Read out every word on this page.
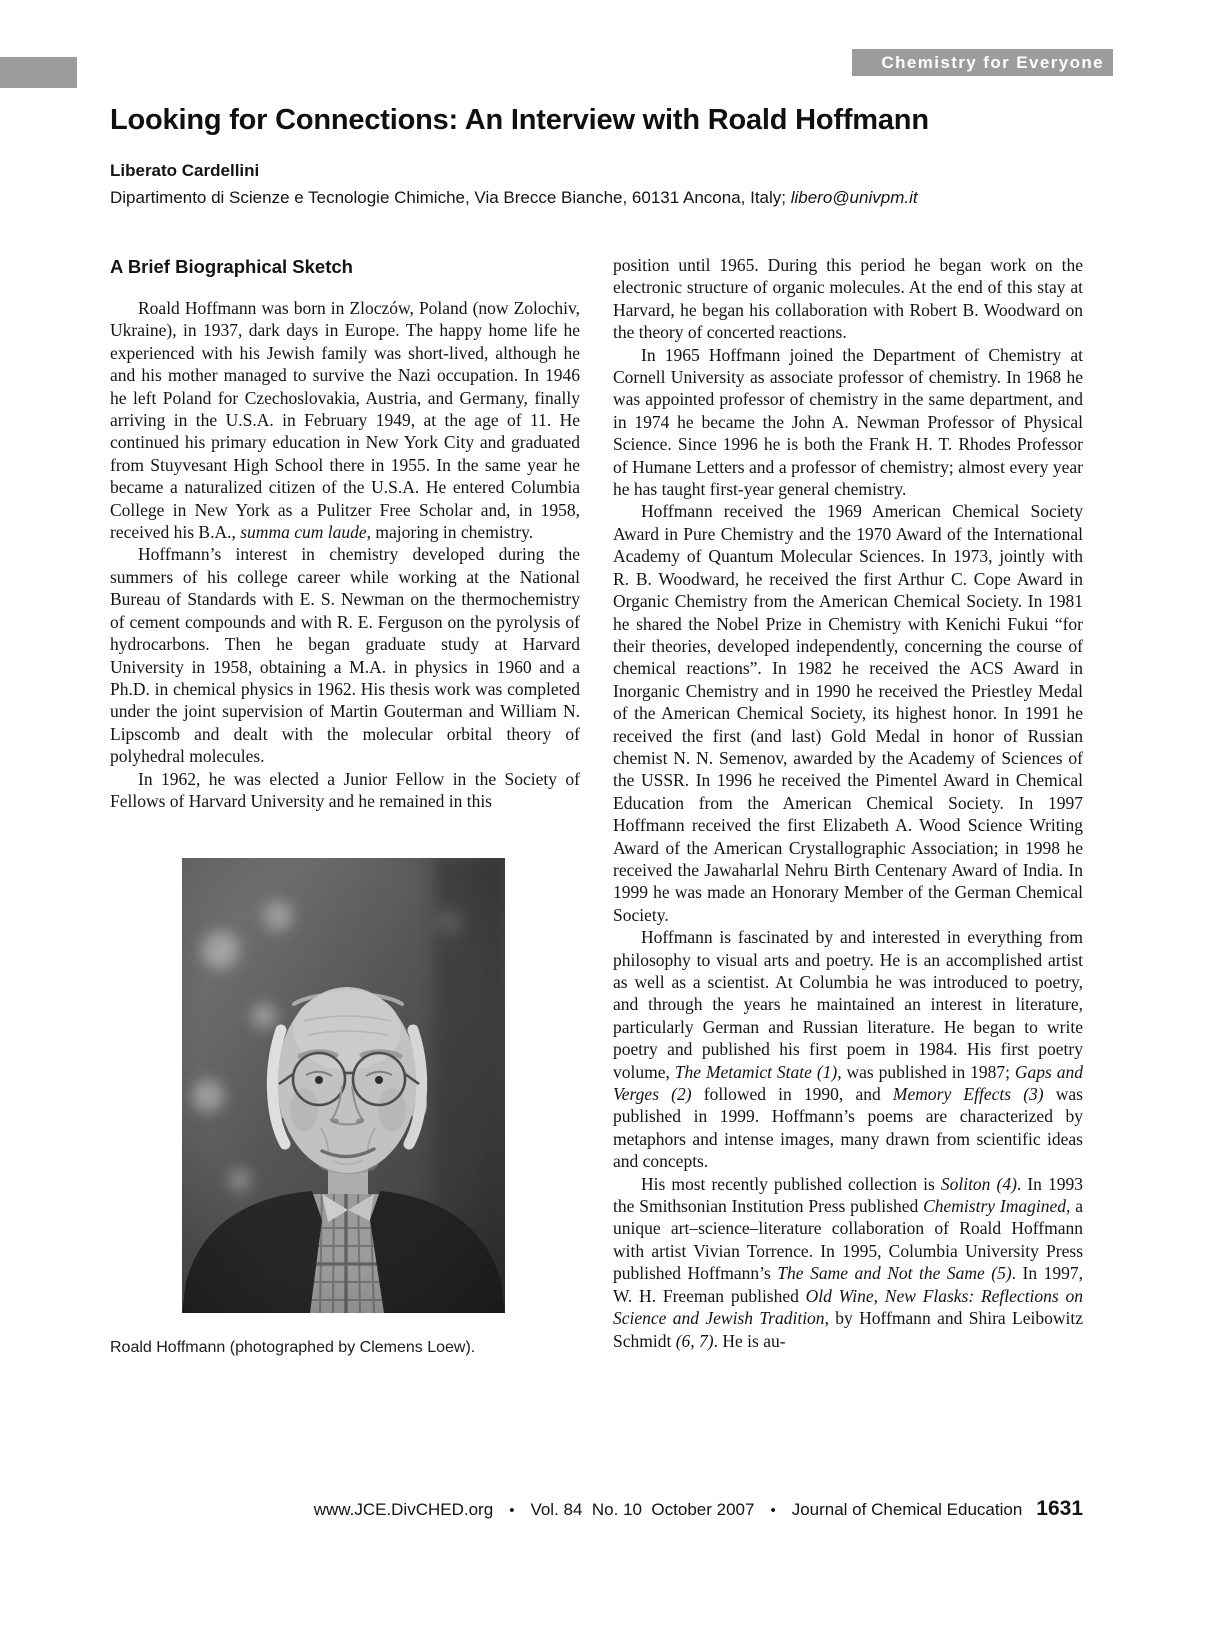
Chemistry for Everyone
Looking for Connections: An Interview with Roald Hoffmann
Liberato Cardellini
Dipartimento di Scienze e Tecnologie Chimiche, Via Brecce Bianche, 60131 Ancona, Italy; libero@univpm.it
A Brief Biographical Sketch

Roald Hoffmann was born in Zloczów, Poland (now Zolochiv, Ukraine), in 1937, dark days in Europe. The happy home life he experienced with his Jewish family was short-lived, although he and his mother managed to survive the Nazi occupation. In 1946 he left Poland for Czechoslovakia, Austria, and Germany, finally arriving in the U.S.A. in February 1949, at the age of 11. He continued his primary education in New York City and graduated from Stuyvesant High School there in 1955. In the same year he became a naturalized citizen of the U.S.A. He entered Columbia College in New York as a Pulitzer Free Scholar and, in 1958, received his B.A., summa cum laude, majoring in chemistry.

Hoffmann’s interest in chemistry developed during the summers of his college career while working at the National Bureau of Standards with E. S. Newman on the thermochemistry of cement compounds and with R. E. Ferguson on the pyrolysis of hydrocarbons. Then he began graduate study at Harvard University in 1958, obtaining a M.A. in physics in 1960 and a Ph.D. in chemical physics in 1962. His thesis work was completed under the joint supervision of Martin Gouterman and William N. Lipscomb and dealt with the molecular orbital theory of polyhedral molecules.

In 1962, he was elected a Junior Fellow in the Society of Fellows of Harvard University and he remained in this

Roald Hoffmann (photographed by Clemens Loew).

position until 1965. During this period he began work on the electronic structure of organic molecules. At the end of this stay at Harvard, he began his collaboration with Robert B. Woodward on the theory of concerted reactions.

In 1965 Hoffmann joined the Department of Chemistry at Cornell University as associate professor of chemistry. In 1968 he was appointed professor of chemistry in the same department, and in 1974 he became the John A. Newman Professor of Physical Science. Since 1996 he is both the Frank H. T. Rhodes Professor of Humane Letters and a professor of chemistry; almost every year he has taught first-year general chemistry.

Hoffmann received the 1969 American Chemical Society Award in Pure Chemistry and the 1970 Award of the International Academy of Quantum Molecular Sciences. In 1973, jointly with R. B. Woodward, he received the first Arthur C. Cope Award in Organic Chemistry from the American Chemical Society. In 1981 he shared the Nobel Prize in Chemistry with Kenichi Fukui “for their theories, developed independently, concerning the course of chemical reactions”. In 1982 he received the ACS Award in Inorganic Chemistry and in 1990 he received the Priestley Medal of the American Chemical Society, its highest honor. In 1991 he received the first (and last) Gold Medal in honor of Russian chemist N. N. Semenov, awarded by the Academy of Sciences of the USSR. In 1996 he received the Pimentel Award in Chemical Education from the American Chemical Society. In 1997 Hoffmann received the first Elizabeth A. Wood Science Writing Award of the American Crystallographic Association; in 1998 he received the Jawaharlal Nehru Birth Centenary Award of India. In 1999 he was made an Honorary Member of the German Chemical Society.

Hoffmann is fascinated by and interested in everything from philosophy to visual arts and poetry. He is an accomplished artist as well as a scientist. At Columbia he was introduced to poetry, and through the years he maintained an interest in literature, particularly German and Russian literature. He began to write poetry and published his first poem in 1984. His first poetry volume, The Metamict State (1), was published in 1987; Gaps and Verges (2) followed in 1990, and Memory Effects (3) was published in 1999. Hoffmann’s poems are characterized by metaphors and intense images, many drawn from scientific ideas and concepts.

His most recently published collection is Soliton (4). In 1993 the Smithsonian Institution Press published Chemistry Imagined, a unique art–science–literature collaboration of Roald Hoffmann with artist Vivian Torrence. In 1995, Columbia University Press published Hoffmann’s The Same and Not the Same (5). In 1997, W. H. Freeman published Old Wine, New Flasks: Reflections on Science and Jewish Tradition, by Hoffmann and Shira Leibowitz Schmidt (6, 7). He is au-

www.JCE.DivCHED.org • Vol. 84  No. 10  October 2007 • Journal of Chemical Education 1631
